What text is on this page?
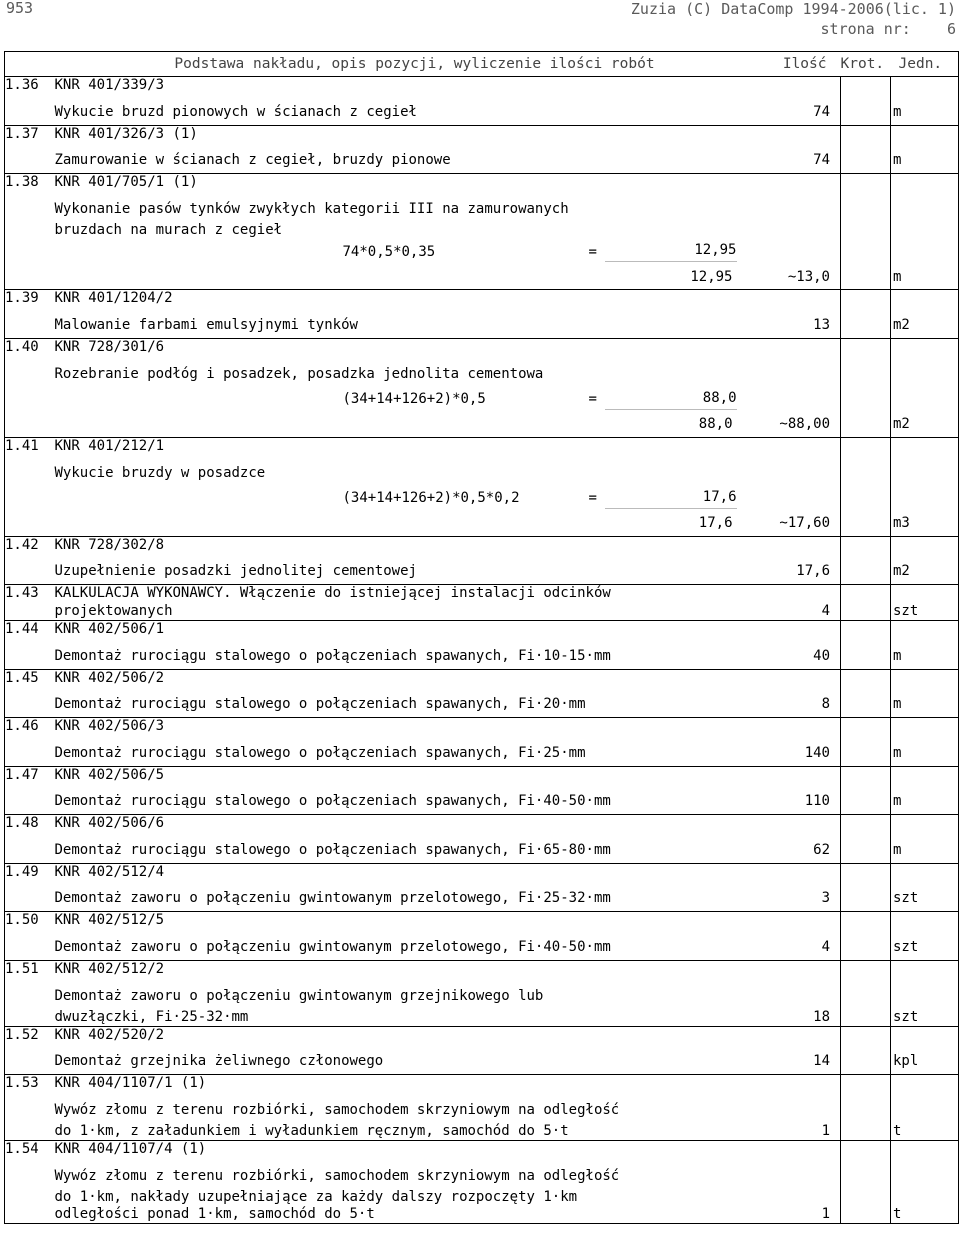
953	Zuzia (C) DataComp 1994-2006(lic. 1)
strona nr: 6
	Podstawa nakładu, opis pozycji, wyliczenie ilości robót	Ilość	Krot.	Jedn.
1.36	KNR 401/339/3			
	Wykucie bruzd pionowych w ścianach z cegieł	74		m
1.37	KNR 401/326/3 (1)			
	Zamurowanie w ścianach z cegieł, bruzdy pionowe	74		m
1.38	KNR 401/705/1 (1)			
	Wykonanie pasów tynków zwykłych kategorii III na zamurowanych			
	bruzdach na murach z cegieł			

	74*0,5*0,35 = 12,95			

	12,95	~13,0		m
1.39	KNR 401/1204/2			
	Malowanie farbami emulsyjnymi tynków	13		m2
1.40	KNR 728/301/6			
	Rozebranie podłóg i posadzek, posadzka jednolita cementowa			

	(34+14+126+2)*0,5 = 88,0			

	88,0	~88,00		m2
1.41	KNR 401/212/1			
	Wykucie bruzdy w posadzce			

	(34+14+126+2)*0,5*0,2 = 17,6			

	17,6	~17,60		m3
1.42	KNR 728/302/8			
	Uzupełnienie posadzki jednolitej cementowej	17,6		m2
1.43	KALKULACJA WYKONAWCY. Włączenie do istniejącej instalacji odcinków			
	projektowanych	4		szt
1.44	KNR 402/506/1			
	Demontaż rurociągu stalowego o połączeniach spawanych, Fi·10-15·mm	40		m
1.45	KNR 402/506/2			
	Demontaż rurociągu stalowego o połączeniach spawanych, Fi·20·mm	8		m
1.46	KNR 402/506/3			
	Demontaż rurociągu stalowego o połączeniach spawanych, Fi·25·mm	140		m
1.47	KNR 402/506/5			
	Demontaż rurociągu stalowego o połączeniach spawanych, Fi·40-50·mm	110		m
1.48	KNR 402/506/6			
	Demontaż rurociągu stalowego o połączeniach spawanych, Fi·65-80·mm	62		m
1.49	KNR 402/512/4			
	Demontaż zaworu o połączeniu gwintowanym przelotowego, Fi·25-32·mm	3		szt
1.50	KNR 402/512/5			
	Demontaż zaworu o połączeniu gwintowanym przelotowego, Fi·40-50·mm	4		szt
1.51	KNR 402/512/2			
	Demontaż zaworu o połączeniu gwintowanym grzejnikowego lub			
	dwuzłączki, Fi·25-32·mm	18		szt
1.52	KNR 402/520/2			
	Demontaż grzejnika żeliwnego członowego	14		kpl
1.53	KNR 404/1107/1 (1)			
	Wywóz złomu z terenu rozbiórki, samochodem skrzyniowym na odległość			
	do 1·km, z załadunkiem i wyładunkiem ręcznym, samochód do 5·t	1		t
1.54	KNR 404/1107/4 (1)			
	Wywóz złomu z terenu rozbiórki, samochodem skrzyniowym na odległość			
	do 1·km, nakłady uzupełniające za każdy dalszy rozpoczęty 1·km			
	odległości ponad 1·km, samochód do 5·t	1		t
